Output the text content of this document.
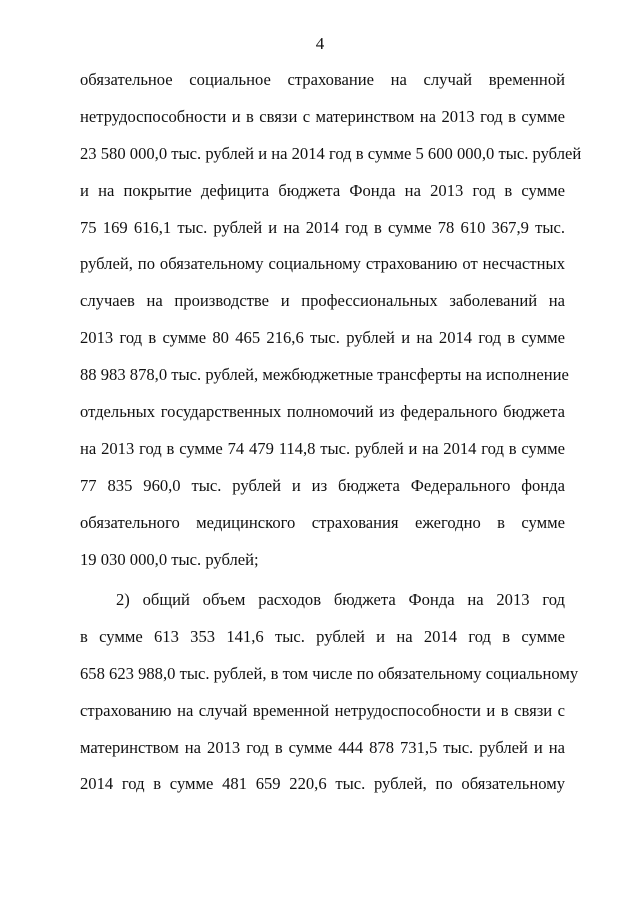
4
обязательное социальное страхование на случай временной
нетрудоспособности и в связи с материнством на 2013 год в сумме
23 580 000,0 тыс. рублей и на 2014 год в сумме 5 600 000,0 тыс. рублей
и на покрытие дефицита бюджета Фонда на 2013 год в сумме
75 169 616,1 тыс. рублей и на 2014 год в сумме 78 610 367,9 тыс.
рублей, по обязательному социальному страхованию от несчастных
случаев на производстве и профессиональных заболеваний на
2013 год в сумме 80 465 216,6 тыс. рублей и на 2014 год в сумме
88 983 878,0 тыс. рублей, межбюджетные трансферты на исполнение
отдельных государственных полномочий из федерального бюджета
на 2013 год в сумме 74 479 114,8 тыс. рублей и на 2014 год в сумме
77 835 960,0 тыс. рублей и из бюджета Федерального фонда
обязательного медицинского страхования ежегодно в сумме
19 030 000,0 тыс. рублей;
2) общий объем расходов бюджета Фонда на 2013 год
в сумме 613 353 141,6 тыс. рублей и на 2014 год в сумме
658 623 988,0 тыс. рублей, в том числе по обязательному социальному
страхованию на случай временной нетрудоспособности и в связи с
материнством на 2013 год в сумме 444 878 731,5 тыс. рублей и на
2014 год в сумме 481 659 220,6 тыс. рублей, по обязательному
